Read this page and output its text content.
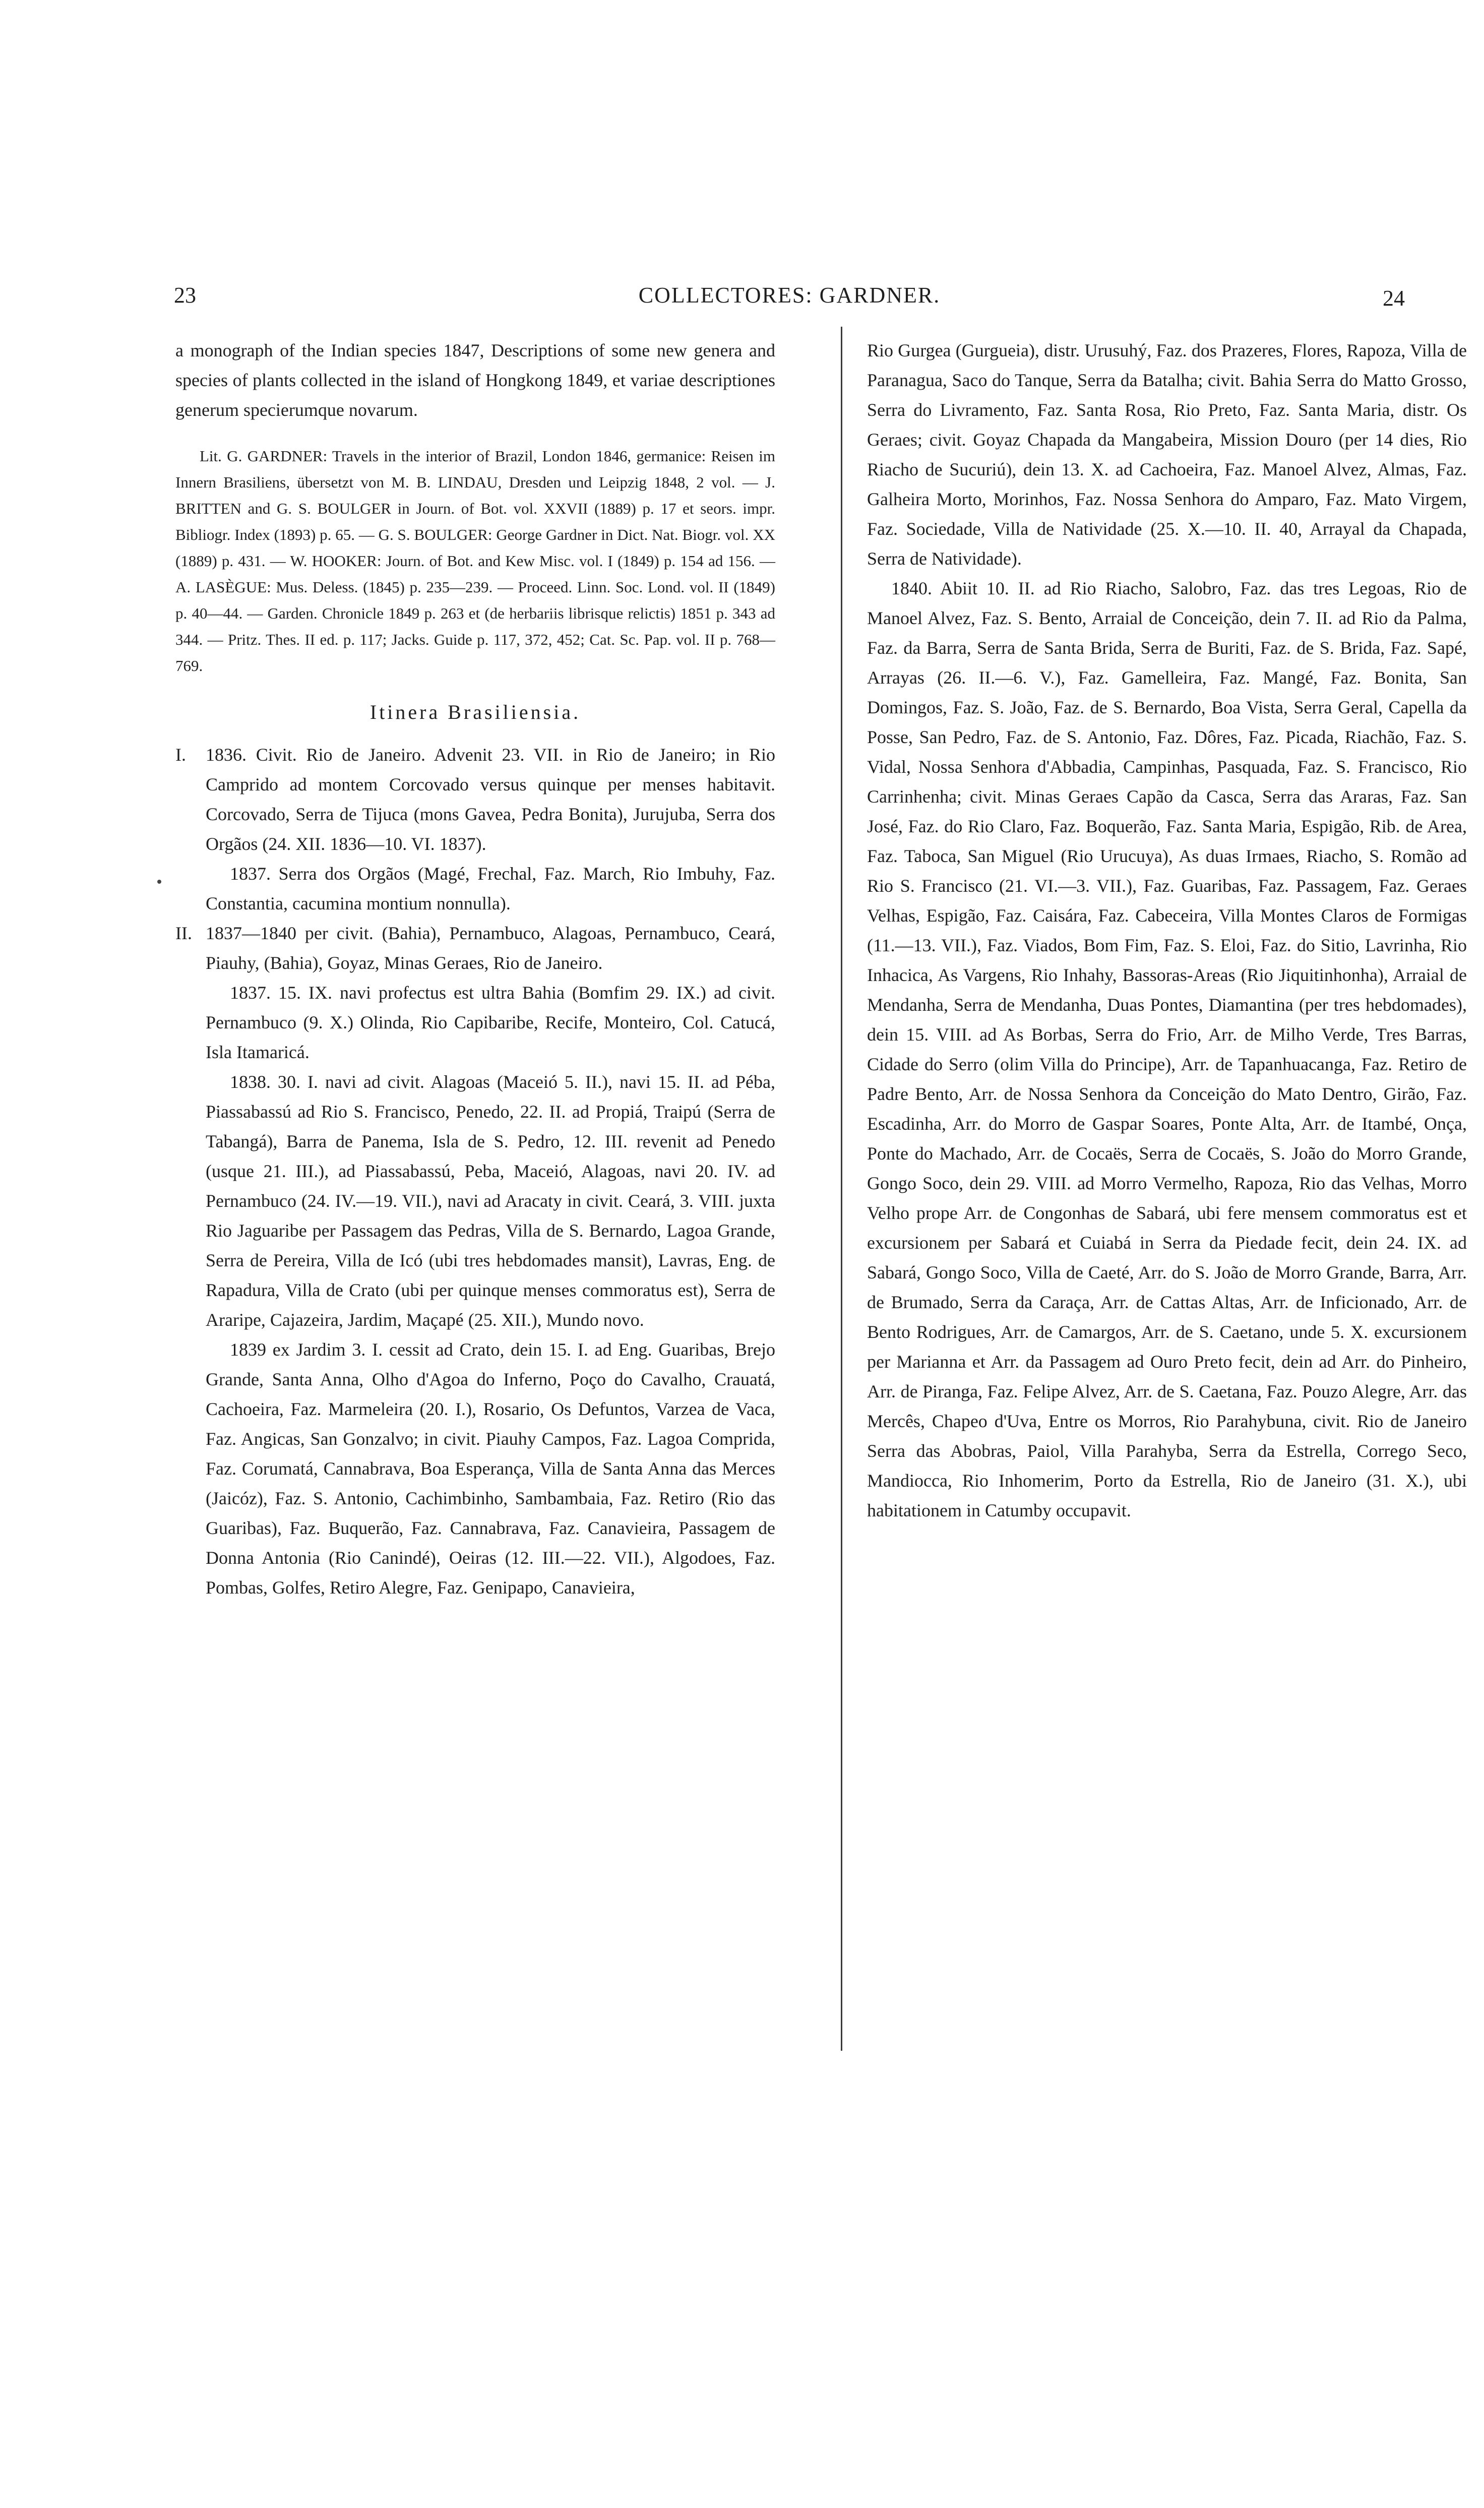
23	COLLECTORES: GARDNER.	24

a monograph of the Indian species 1847, Descriptions of some new genera and species of plants collected in the island of Hongkong 1849, et variae descriptiones generum specierumque novarum.

Lit. G. GARDNER: Travels in the interior of Brazil, London 1846, germanice: Reisen im Innern Brasiliens, übersetzt von M. B. LINDAU, Dresden und Leipzig 1848, 2 vol. — J. BRITTEN and G. S. BOULGER in Journ. of Bot. vol. XXVII (1889) p. 17 et seors. impr. Bibliogr. Index (1893) p. 65. — G. S. BOULGER: George Gardner in Dict. Nat. Biogr. vol. XX (1889) p. 431. — W. HOOKER: Journ. of Bot. and Kew Misc. vol. I (1849) p. 154 ad 156. — A. LASÈGUE: Mus. Deless. (1845) p. 235—239. — Proceed. Linn. Soc. Lond. vol. II (1849) p. 40—44. — Garden. Chronicle 1849 p. 263 et (de herbariis librisque relictis) 1851 p. 343 ad 344. — Pritz. Thes. II ed. p. 117; Jacks. Guide p. 117, 372, 452; Cat. Sc. Pap. vol. II p. 768—769.

Itinera Brasiliensia.
I. 1836. Civit. Rio de Janeiro. Advenit 23. VII. in Rio de Janeiro; in Rio Camprido ad montem Corcovado versus quinque per menses habitavit. Corcovado, Serra de Tijuca (mons Gavea, Pedra Bonita), Jurujuba, Serra dos Orgãos (24. XII. 1836—10. VI. 1837).

1837. Serra dos Orgãos (Magé, Frechal, Faz. March, Rio Imbuhy, Faz. Constantia, cacumina montium nonnulla).

II. 1837—1840 per civit. (Bahia), Pernambuco, Alagoas, Pernambuco, Ceará, Piauhy, (Bahia), Goyaz, Minas Geraes, Rio de Janeiro.

1837. 15. IX. navi profectus est ultra Bahia (Bomfim 29. IX.) ad civit. Pernambuco (9. X.) Olinda, Rio Capibaribe, Recife, Monteiro, Col. Catucá, Isla Itamaricá.

1838. 30. I. navi ad civit. Alagoas (Maceió 5. II.), navi 15. II. ad Péba, Piassabassú ad Rio S. Francisco, Penedo, 22. II. ad Propiá, Traipú (Serra de Tabangá), Barra de Panema, Isla de S. Pedro, 12. III. revenit ad Penedo (usque 21. III.), ad Piassabassú, Peba, Maceió, Alagoas, navi 20. IV. ad Pernambuco (24. IV.—19. VII.), navi ad Aracaty in civit. Ceará, 3. VIII. juxta Rio Jaguaribe per Passagem das Pedras, Villa de S. Bernardo, Lagoa Grande, Serra de Pereira, Villa de Icó (ubi tres hebdomades mansit), Lavras, Eng. de Rapadura, Villa de Crato (ubi per quinque menses commoratus est), Serra de Araripe, Cajazeira, Jardim, Maçapé (25. XII.), Mundo novo.

1839 ex Jardim 3. I. cessit ad Crato, dein 15. I. ad Eng. Guaribas, Brejo Grande, Santa Anna, Olho d'Agoa do Inferno, Poço do Cavalho, Crauatá, Cachoeira, Faz. Marmeleira (20. I.), Rosario, Os Defuntos, Varzea de Vaca, Faz. Angicas, San Gonzalvo; in civit. Piauhy Campos, Faz. Lagoa Comprida, Faz. Corumatá, Cannabrava, Boa Esperança, Villa de Santa Anna das Merces (Jaicóz), Faz. S. Antonio, Cachimbinho, Sambambaia, Faz. Retiro (Rio das Guaribas), Faz. Buquerão, Faz. Cannabrava, Faz. Canavieira, Passagem de Donna Antonia (Rio Canindé), Oeiras (12. III.—22. VII.), Algodoes, Faz. Pombas, Golfes, Retiro Alegre, Faz. Genipapo, Canavieira,

Rio Gurgea (Gurgueia), distr. Urusuhý, Faz. dos Prazeres, Flores, Rapoza, Villa de Paranagua, Saco do Tanque, Serra da Batalha; civit. Bahia Serra do Matto Grosso, Serra do Livramento, Faz. Santa Rosa, Rio Preto, Faz. Santa Maria, distr. Os Geraes; civit. Goyaz Chapada da Mangabeira, Mission Douro (per 14 dies, Rio Riacho de Sucuriú), dein 13. X. ad Cachoeira, Faz. Manoel Alvez, Almas, Faz. Galheira Morto, Morinhos, Faz. Nossa Senhora do Amparo, Faz. Mato Virgem, Faz. Sociedade, Villa de Natividade (25. X.—10. II. 40, Arrayal da Chapada, Serra de Natividade).

1840. Abiit 10. II. ad Rio Riacho, Salobro, Faz. das tres Legoas, Rio de Manoel Alvez, Faz. S. Bento, Arraial de Conceição, dein 7. II. ad Rio da Palma, Faz. da Barra, Serra de Santa Brida, Serra de Buriti, Faz. de S. Brida, Faz. Sapé, Arrayas (26. II.—6. V.), Faz. Gamelleira, Faz. Mangé, Faz. Bonita, San Domingos, Faz. S. João, Faz. de S. Bernardo, Boa Vista, Serra Geral, Capella da Posse, San Pedro, Faz. de S. Antonio, Faz. Dôres, Faz. Picada, Riachão, Faz. S. Vidal, Nossa Senhora d'Abbadia, Campinhas, Pasquada, Faz. S. Francisco, Rio Carrinhenha; civit. Minas Geraes Capão da Casca, Serra das Araras, Faz. San José, Faz. do Rio Claro, Faz. Boquerão, Faz. Santa Maria, Espigão, Rib. de Area, Faz. Taboca, San Miguel (Rio Urucuya), As duas Irmaes, Riacho, S. Romão ad Rio S. Francisco (21. VI.—3. VII.), Faz. Guaribas, Faz. Passagem, Faz. Geraes Velhas, Espigão, Faz. Caisára, Faz. Cabeceira, Villa Montes Claros de Formigas (11.—13. VII.), Faz. Viados, Bom Fim, Faz. S. Eloi, Faz. do Sitio, Lavrinha, Rio Inhacica, As Vargens, Rio Inhahy, Bassoras-Areas (Rio Jiquitinhonha), Arraial de Mendanha, Serra de Mendanha, Duas Pontes, Diamantina (per tres hebdomades), dein 15. VIII. ad As Borbas, Serra do Frio, Arr. de Milho Verde, Tres Barras, Cidade do Serro (olim Villa do Principe), Arr. de Tapanhuacanga, Faz. Retiro de Padre Bento, Arr. de Nossa Senhora da Conceição do Mato Dentro, Girão, Faz. Escadinha, Arr. do Morro de Gaspar Soares, Ponte Alta, Arr. de Itambé, Onça, Ponte do Machado, Arr. de Cocaës, Serra de Cocaës, S. João do Morro Grande, Gongo Soco, dein 29. VIII. ad Morro Vermelho, Rapoza, Rio das Velhas, Morro Velho prope Arr. de Congonhas de Sabará, ubi fere mensem commoratus est et excursionem per Sabará et Cuiabá in Serra da Piedade fecit, dein 24. IX. ad Sabará, Gongo Soco, Villa de Caeté, Arr. do S. João de Morro Grande, Barra, Arr. de Brumado, Serra da Caraça, Arr. de Cattas Altas, Arr. de Inficionado, Arr. de Bento Rodrigues, Arr. de Camargos, Arr. de S. Caetano, unde 5. X. excursionem per Marianna et Arr. da Passagem ad Ouro Preto fecit, dein ad Arr. do Pinheiro, Arr. de Piranga, Faz. Felipe Alvez, Arr. de S. Caetana, Faz. Pouzo Alegre, Arr. das Mercês, Chapeo d'Uva, Entre os Morros, Rio Parahybuna, civit. Rio de Janeiro Serra das Abobras, Paiol, Villa Parahyba, Serra da Estrella, Corrego Seco, Mandiocca, Rio Inhomerim, Porto da Estrella, Rio de Janeiro (31. X.), ubi habitationem in Catumby occupavit.
